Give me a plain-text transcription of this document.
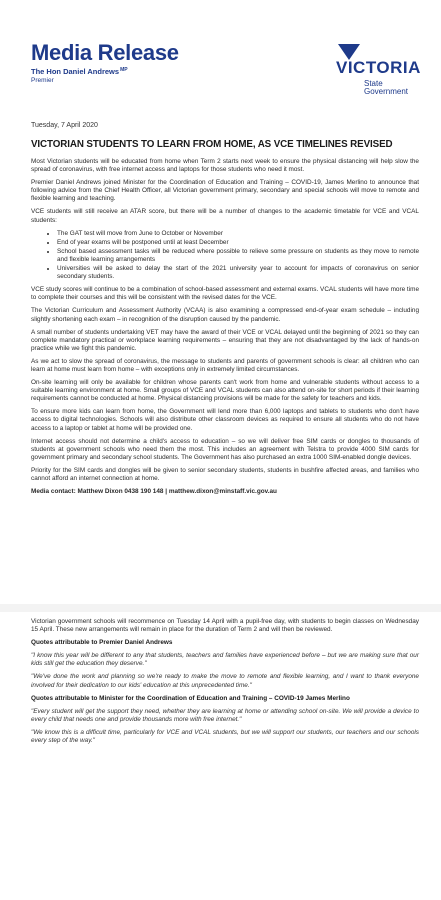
Media Release
The Hon Daniel Andrews$^{MP}$
Premier
VICTORIA
State
Government
Tuesday, 7 April 2020
VICTORIAN STUDENTS TO LEARN FROM HOME, AS VCE TIMELINES REVISED

Most Victorian students will be educated from home when Term 2 starts next week to ensure the physical distancing will help slow the spread of coronavirus, with free internet access and laptops for those students who need it most.

Premier Daniel Andrews joined Minister for the Coordination of Education and Training – COVID-19, James Merlino to announce that following advice from the Chief Health Officer, all Victorian government primary, secondary and special schools will move to remote and flexible learning and teaching.

VCE students will still receive an ATAR score, but there will be a number of changes to the academic timetable for VCE and VCAL students:

• The GAT test will move from June to October or November
• End of year exams will be postponed until at least December
• School based assessment tasks will be reduced where possible to relieve some pressure on students as they move to remote and flexible learning arrangements
• Universities will be asked to delay the start of the 2021 university year to account for impacts of coronavirus on senior secondary students.

VCE study scores will continue to be a combination of school-based assessment and external exams. VCAL students will have more time to complete their courses and this will be consistent with the revised dates for the VCE.

The Victorian Curriculum and Assessment Authority (VCAA) is also examining a compressed end-of-year exam schedule – including slightly shortening each exam – in recognition of the disruption caused by the pandemic.

A small number of students undertaking VET may have the award of their VCE or VCAL delayed until the beginning of 2021 so they can complete mandatory practical or workplace learning requirements – ensuring that they are not disadvantaged by the lack of hands-on practice while we fight this pandemic.

As we act to slow the spread of coronavirus, the message to students and parents of government schools is clear: all children who can learn at home must learn from home – with exceptions only in extremely limited circumstances.

On-site learning will only be available for children whose parents can't work from home and vulnerable students without access to a suitable learning environment at home. Small groups of VCE and VCAL students can also attend on-site for short periods if their learning requirements cannot be conducted at home. Physical distancing provisions will be made for the safety for teachers and kids.

To ensure more kids can learn from home, the Government will lend more than 6,000 laptops and tablets to students who don't have access to digital technologies. Schools will also distribute other classroom devices as required to ensure all students who do not have access to a laptop or tablet at home will be provided one.

Internet access should not determine a child's access to education – so we will deliver free SIM cards or dongles to thousands of students at government schools who need them the most. This includes an agreement with Telstra to provide 4000 SIM cards for government primary and secondary school students. The Government has also purchased an extra 1000 SIM-enabled dongle devices.

Priority for the SIM cards and dongles will be given to senior secondary students, students in bushfire affected areas, and families who cannot afford an internet connection at home.

Media contact: Matthew Dixon 0438 190 148 | matthew.dixon@minstaff.vic.gov.au

Victorian government schools will recommence on Tuesday 14 April with a pupil-free day, with students to begin classes on Wednesday 15 April. These new arrangements will remain in place for the duration of Term 2 and will then be reviewed.

Quotes attributable to Premier Daniel Andrews

"I know this year will be different to any that students, teachers and families have experienced before – but we are making sure that our kids still get the education they deserve."

"We've done the work and planning so we're ready to make the move to remote and flexible learning, and I want to thank everyone involved for their dedication to our kids' education at this unprecedented time."

Quotes attributable to Minister for the Coordination of Education and Training – COVID-19 James Merlino

"Every student will get the support they need, whether they are learning at home or attending school on-site. We will provide a device to every child that needs one and provide thousands more with free internet."

"We know this is a difficult time, particularly for VCE and VCAL students, but we will support our students, our teachers and our schools every step of the way."
